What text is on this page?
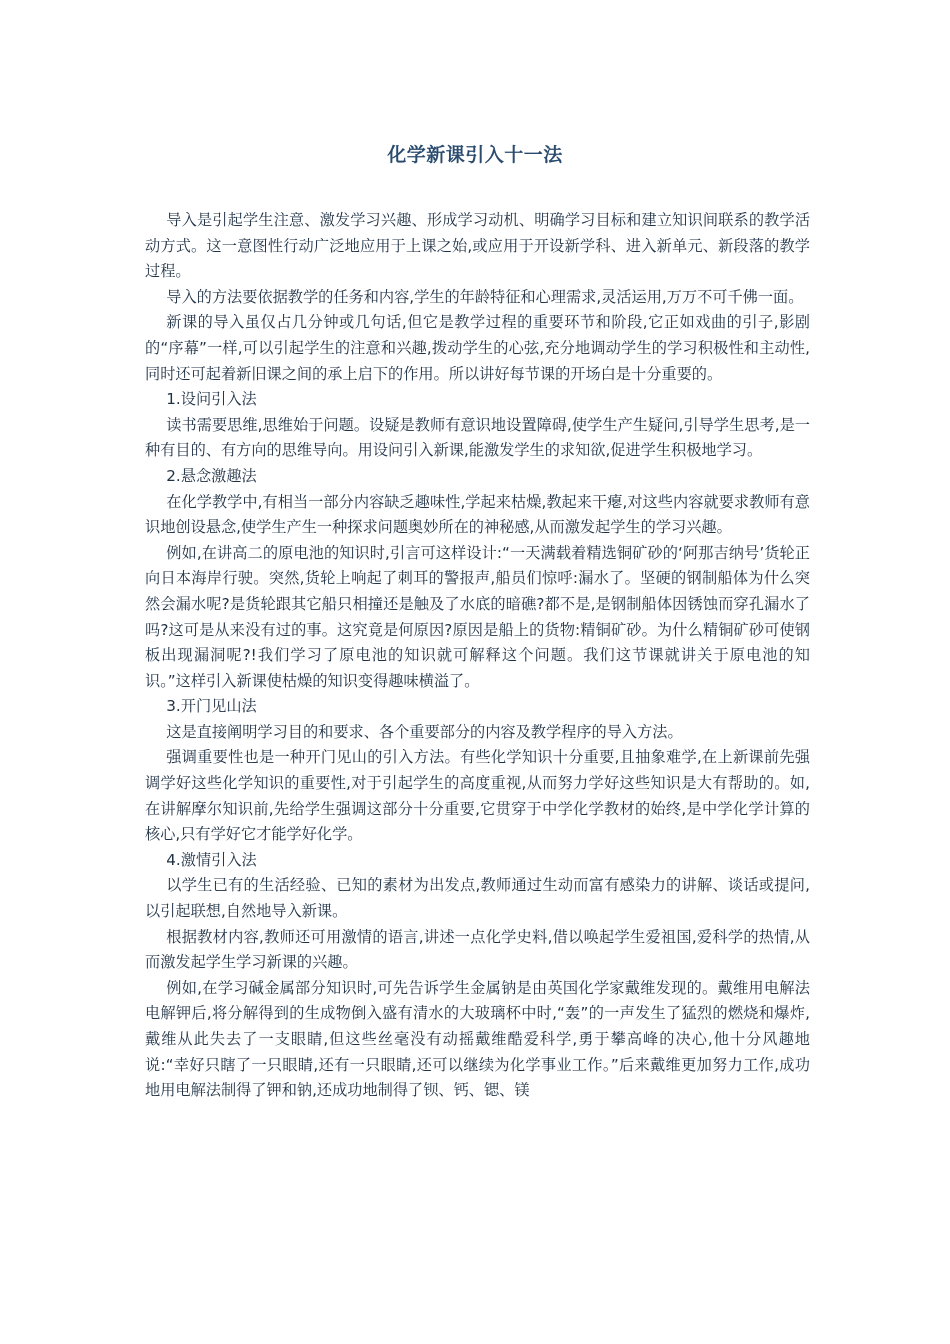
化学新课引入十一法

导入是引起学生注意、激发学习兴趣、形成学习动机、明确学习目标和建立知识间联系的教学活动方式。这一意图性行动广泛地应用于上课之始,或应用于开设新学科、进入新单元、新段落的教学过程。

导入的方法要依据教学的任务和内容,学生的年龄特征和心理需求,灵活运用,万万不可千佛一面。

新课的导入虽仅占几分钟或几句话,但它是教学过程的重要环节和阶段,它正如戏曲的引子,影剧的“序幕”一样,可以引起学生的注意和兴趣,拨动学生的心弦,充分地调动学生的学习积极性和主动性,同时还可起着新旧课之间的承上启下的作用。所以讲好每节课的开场白是十分重要的。

1.设问引入法

读书需要思维,思维始于问题。设疑是教师有意识地设置障碍,使学生产生疑问,引导学生思考,是一种有目的、有方向的思维导向。用设问引入新课,能激发学生的求知欲,促进学生积极地学习。

2.悬念激趣法

在化学教学中,有相当一部分内容缺乏趣味性,学起来枯燥,教起来干瘪,对这些内容就要求教师有意识地创设悬念,使学生产生一种探求问题奥妙所在的神秘感,从而激发起学生的学习兴趣。

例如,在讲高二的原电池的知识时,引言可这样设计:“一天满载着精选铜矿砂的‘阿那吉纳号’货轮正向日本海岸行驶。突然,货轮上响起了刺耳的警报声,船员们惊呼:漏水了。坚硬的钢制船体为什么突然会漏水呢?是货轮跟其它船只相撞还是触及了水底的暗礁?都不是,是钢制船体因锈蚀而穿孔漏水了吗?这可是从来没有过的事。这究竟是何原因?原因是船上的货物:精铜矿砂。为什么精铜矿砂可使钢板出现漏洞呢?!我们学习了原电池的知识就可解释这个问题。我们这节课就讲关于原电池的知识。”这样引入新课使枯燥的知识变得趣味横溢了。

3.开门见山法

这是直接阐明学习目的和要求、各个重要部分的内容及教学程序的导入方法。

强调重要性也是一种开门见山的引入方法。有些化学知识十分重要,且抽象难学,在上新课前先强调学好这些化学知识的重要性,对于引起学生的高度重视,从而努力学好这些知识是大有帮助的。如,在讲解摩尔知识前,先给学生强调这部分十分重要,它贯穿于中学化学教材的始终,是中学化学计算的核心,只有学好它才能学好化学。

4.激情引入法

以学生已有的生活经验、已知的素材为出发点,教师通过生动而富有感染力的讲解、谈话或提问,以引起联想,自然地导入新课。

根据教材内容,教师还可用激情的语言,讲述一点化学史料,借以唤起学生爱祖国,爱科学的热情,从而激发起学生学习新课的兴趣。

例如,在学习碱金属部分知识时,可先告诉学生金属钠是由英国化学家戴维发现的。戴维用电解法电解钾后,将分解得到的生成物倒入盛有清水的大玻璃杯中时,“轰”的一声发生了猛烈的燃烧和爆炸,戴维从此失去了一支眼睛,但这些丝毫没有动摇戴维酷爱科学,勇于攀高峰的决心,他十分风趣地说:“幸好只瞎了一只眼睛,还有一只眼睛,还可以继续为化学事业工作。”后来戴维更加努力工作,成功地用电解法制得了钾和钠,还成功地制得了钡、钙、锶、镁
